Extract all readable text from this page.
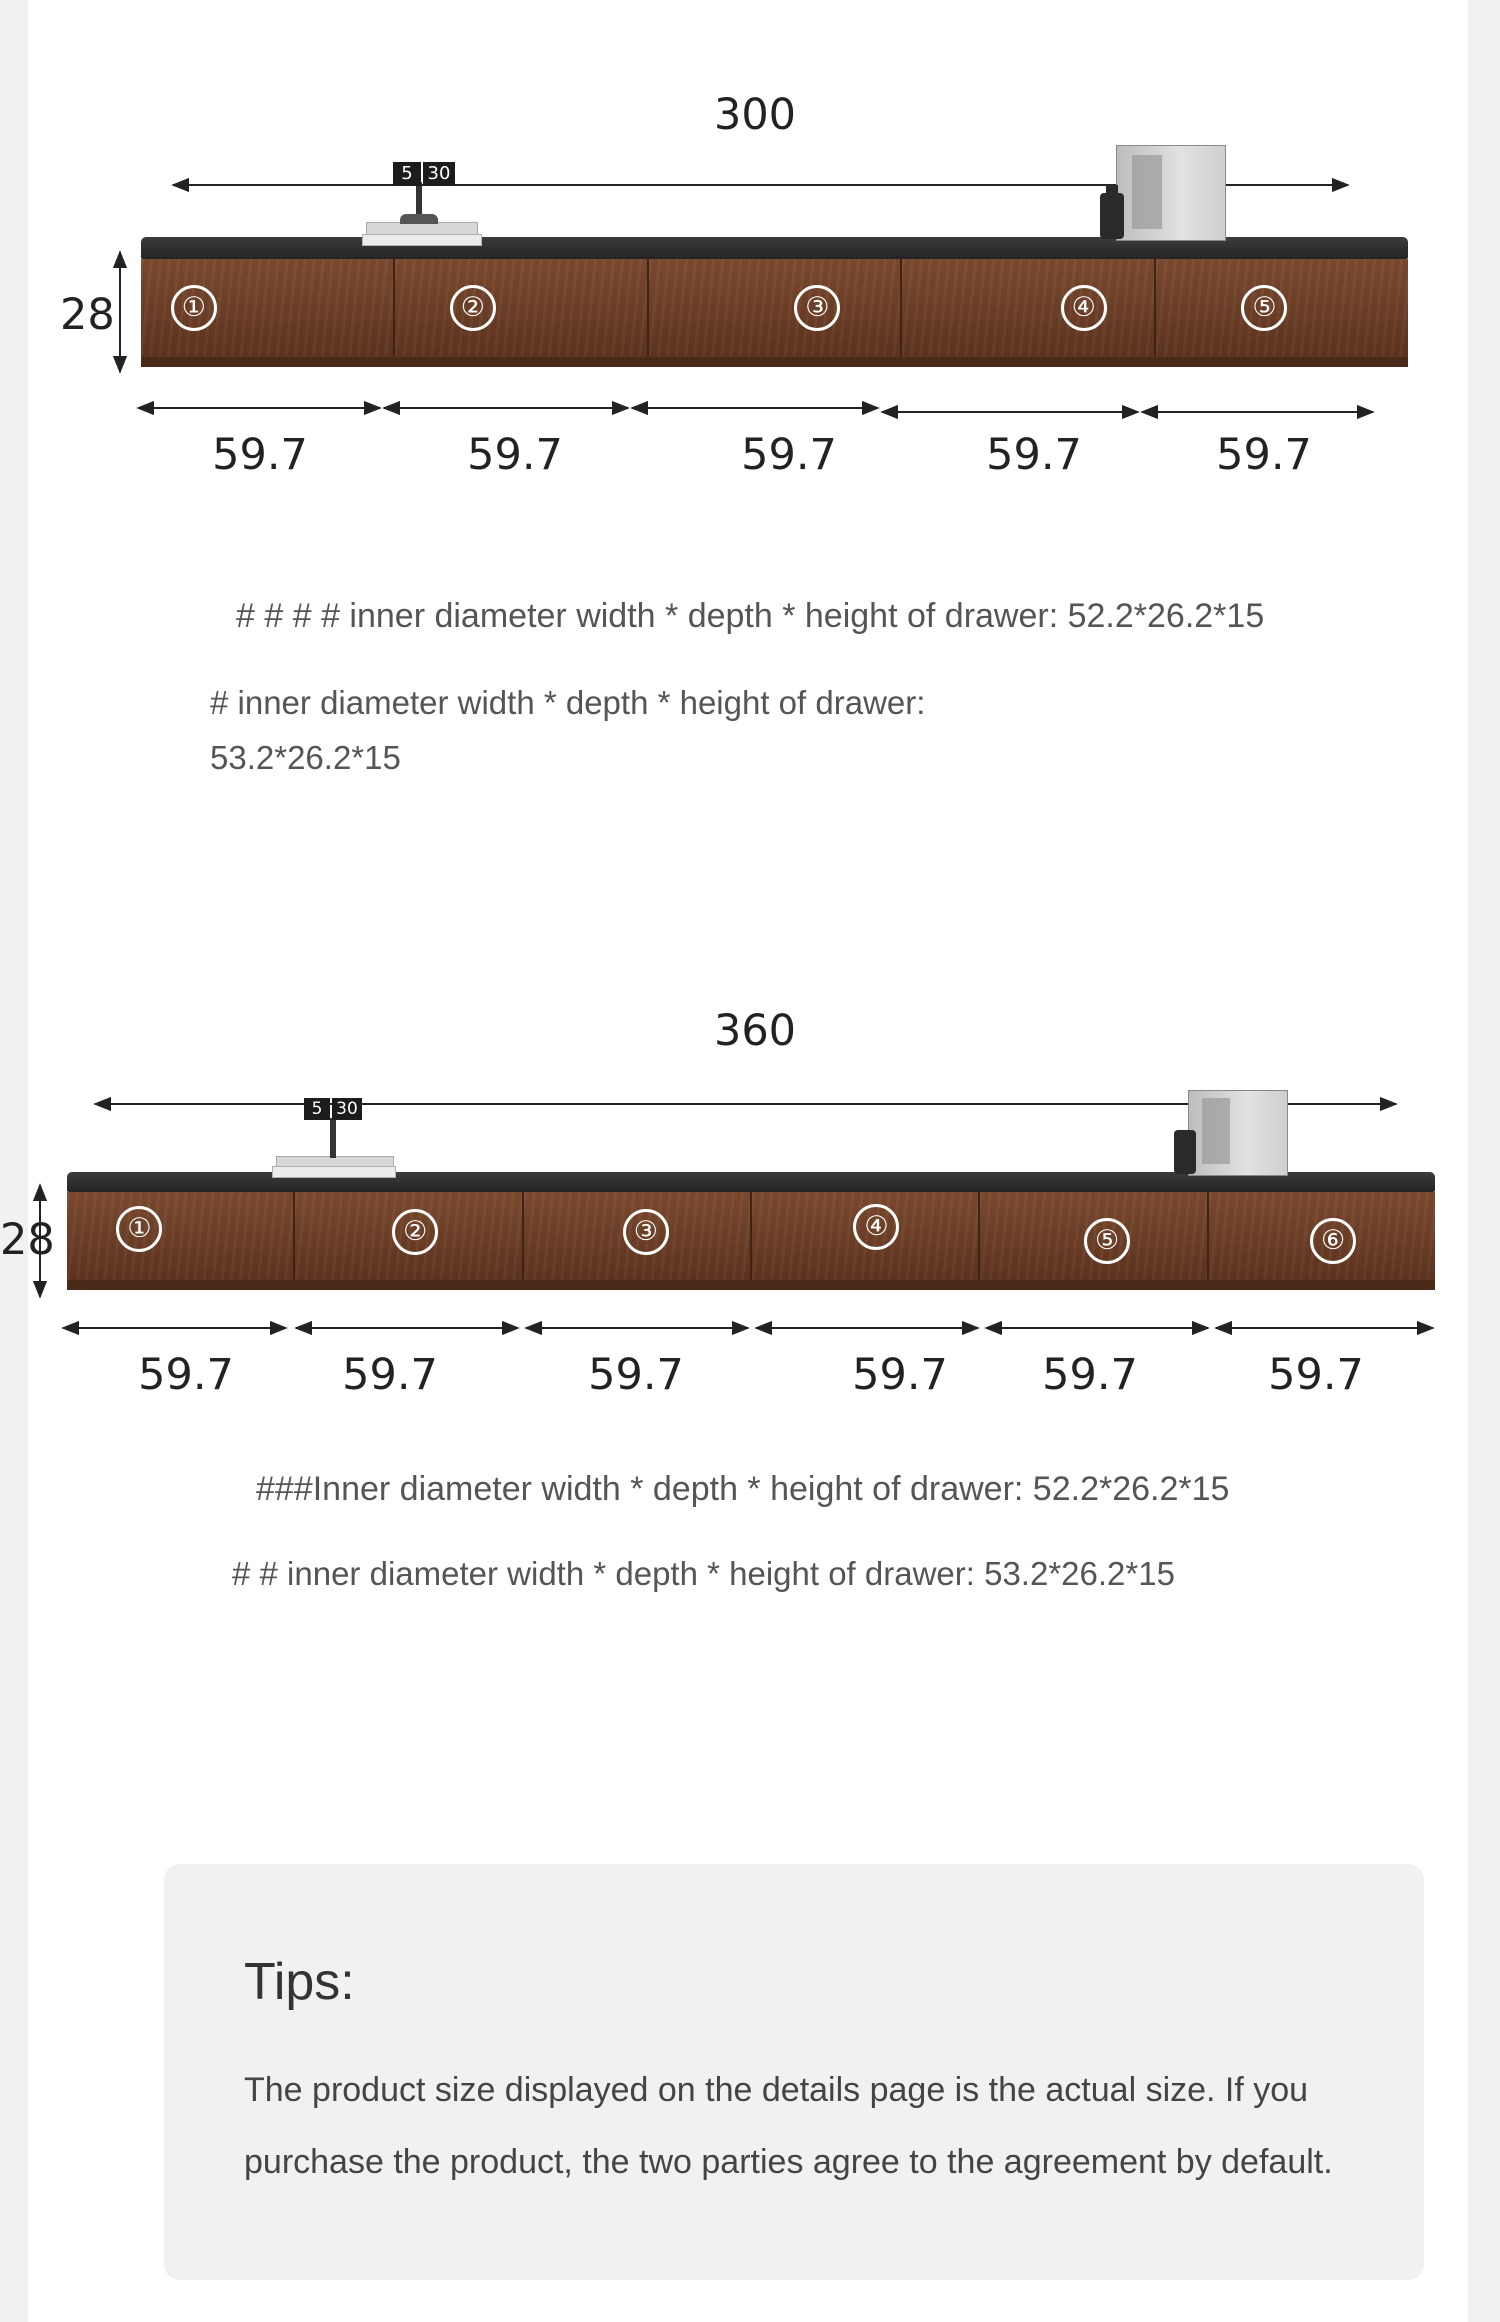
300
28	①	②	③	④	⑤
5 30
59.7	59.7	59.7	59.7	59.7
# # # # inner diameter width * depth * height of drawer: 52.2*26.2*15
# inner diameter width * depth * height of drawer:
53.2*26.2*15
360
28	①	②	③	④	⑤	⑥
5 30
59.7	59.7	59.7	59.7 59.7	59.7
###Inner diameter width * depth * height of drawer: 52.2*26.2*15
# # inner diameter width * depth * height of drawer: 53.2*26.2*15
Tips:
The product size displayed on the details page is the actual size. If you purchase the product, the two parties agree to the agreement by default.
